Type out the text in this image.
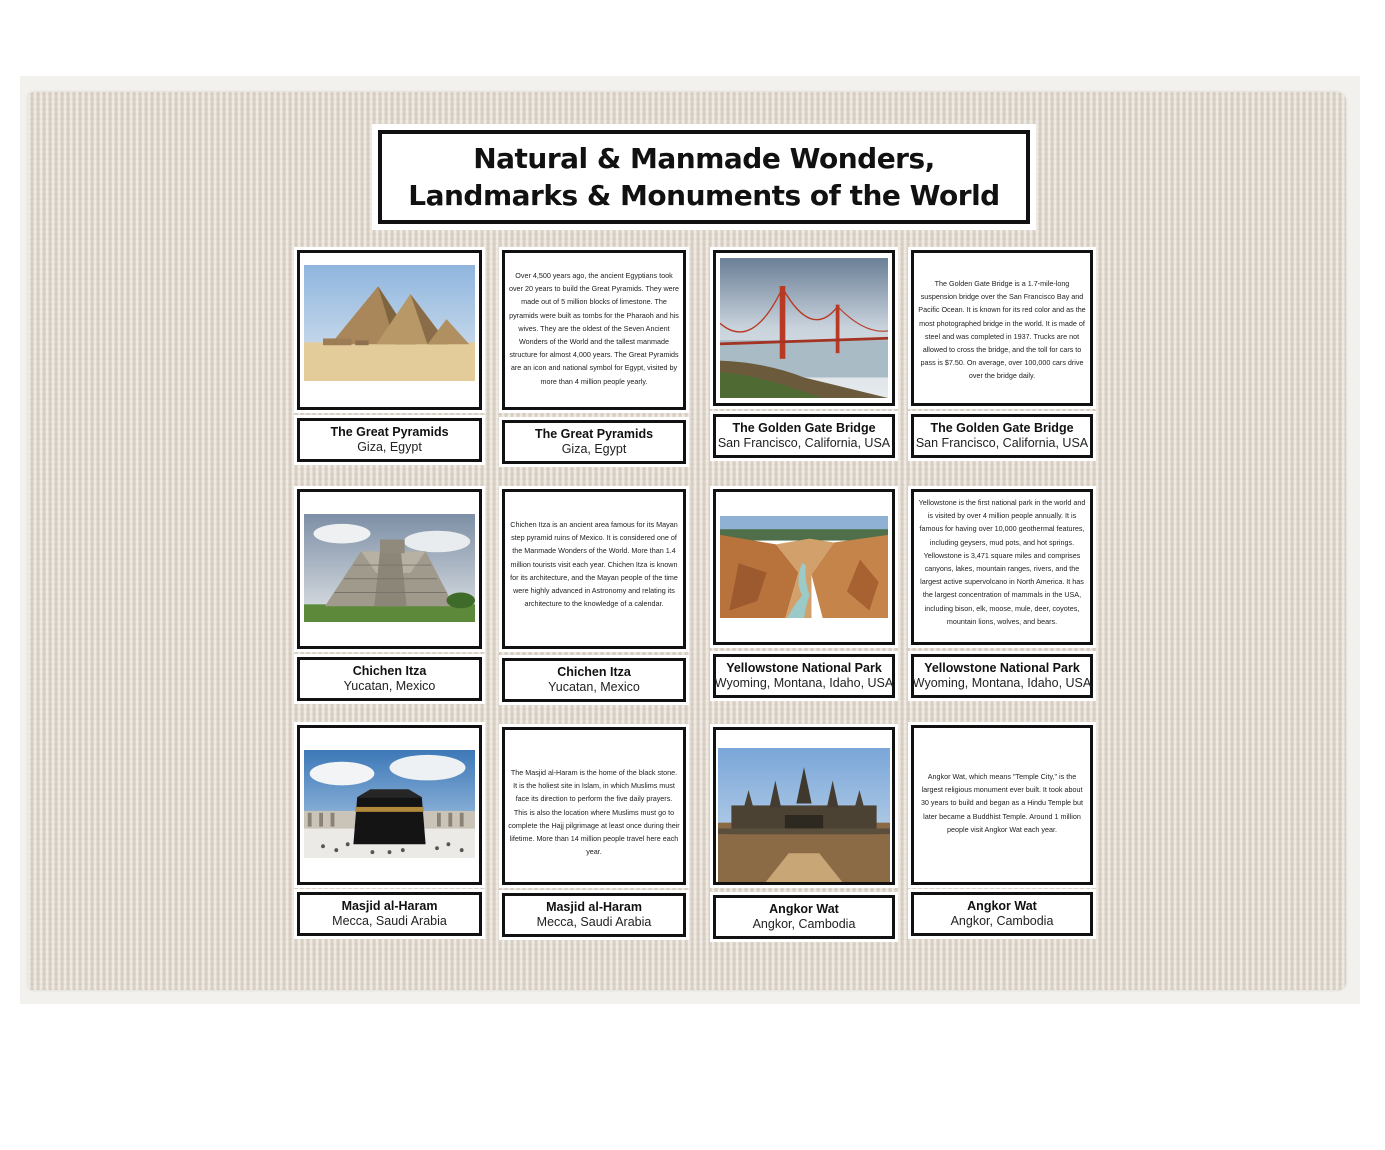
Natural & Manmade Wonders,
Landmarks & Monuments of the World
Over 4,500 years ago, the ancient Egyptians took over 20 years to build the Great Pyramids. They were made out of 5 million blocks of limestone. The pyramids were built as tombs for the Pharaoh and his wives. They are the oldest of the Seven Ancient Wonders of the World and the tallest manmade structure for almost 4,000 years. The Great Pyramids are an icon and national symbol for Egypt, visited by more than 4 million people yearly.
The Golden Gate Bridge is a 1.7-mile-long suspension bridge over the San Francisco Bay and Pacific Ocean. It is known for its red color and as the most photographed bridge in the world. It is made of steel and was completed in 1937. Trucks are not allowed to cross the bridge, and the toll for cars to pass is $7.50. On average, over 100,000 cars drive over the bridge daily.
The Great Pyramids
Giza, Egypt
The Great Pyramids
Giza, Egypt
The Golden Gate Bridge
San Francisco, California, USA
The Golden Gate Bridge
San Francisco, California, USA
Chichen Itza is an ancient area famous for its Mayan step pyramid ruins of Mexico. It is considered one of the Manmade Wonders of the World. More than 1.4 million tourists visit each year. Chichen Itza is known for its architecture, and the Mayan people of the time were highly advanced in Astronomy and relating its architecture to the knowledge of a calendar.
Yellowstone is the first national park in the world and is visited by over 4 million people annually. It is famous for having over 10,000 geothermal features, including geysers, mud pots, and hot springs. Yellowstone is 3,471 square miles and comprises canyons, lakes, mountain ranges, rivers, and the largest active supervolcano in North America. It has the largest concentration of mammals in the USA, including bison, elk, moose, mule, deer, coyotes, mountain lions, wolves, and bears.
Chichen Itza
Yucatan, Mexico
Chichen Itza
Yucatan, Mexico
Yellowstone National Park
Wyoming, Montana, Idaho, USA
Yellowstone National Park
Wyoming, Montana, Idaho, USA
The Masjid al-Haram is the home of the black stone. It is the holiest site in Islam, in which Muslims must face its direction to perform the five daily prayers. This is also the location where Muslims must go to complete the Hajj pilgrimage at least once during their lifetime. More than 14 million people travel here each year.
Angkor Wat, which means "Temple City," is the largest religious monument ever built. It took about 30 years to build and began as a Hindu Temple but later became a Buddhist Temple. Around 1 million people visit Angkor Wat each year.
Masjid al-Haram
Mecca, Saudi Arabia
Masjid al-Haram
Mecca, Saudi Arabia
Angkor Wat
Angkor, Cambodia
Angkor Wat
Angkor, Cambodia
